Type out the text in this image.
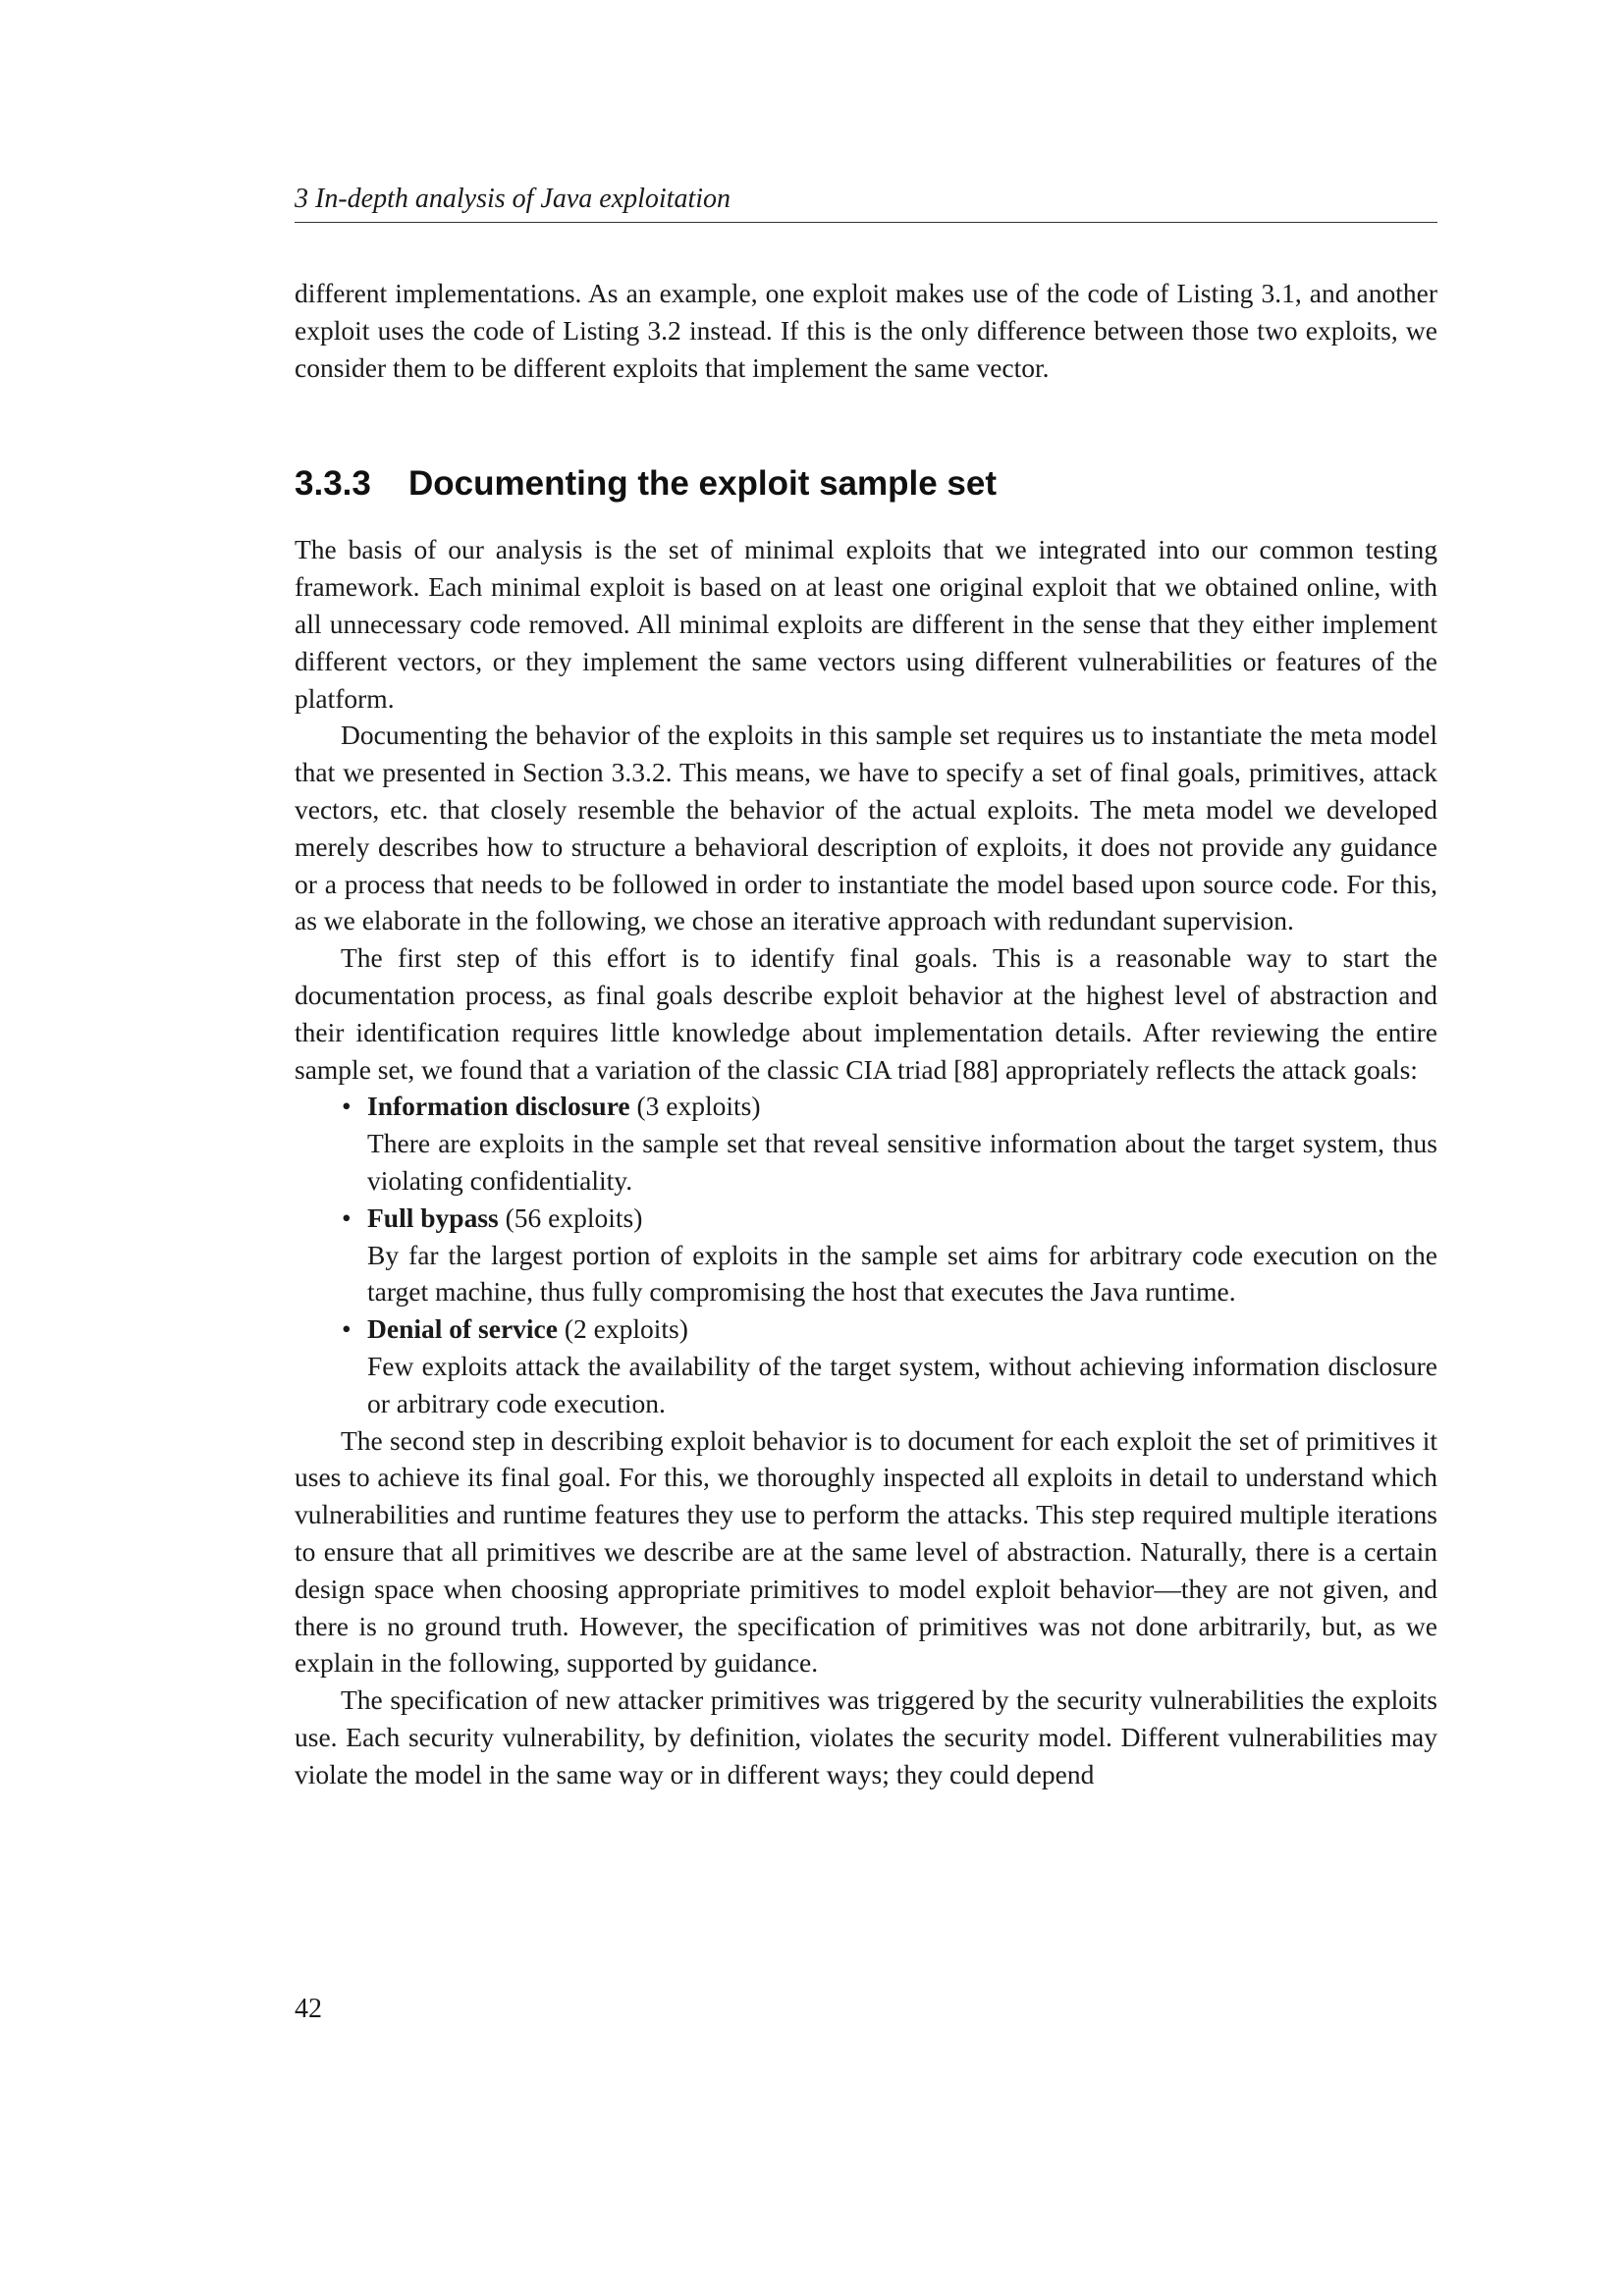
3 In-depth analysis of Java exploitation

different implementations. As an example, one exploit makes use of the code of Listing 3.1, and another exploit uses the code of Listing 3.2 instead. If this is the only difference between those two exploits, we consider them to be different exploits that implement the same vector.

3.3.3 Documenting the exploit sample set

The basis of our analysis is the set of minimal exploits that we integrated into our common testing framework. Each minimal exploit is based on at least one original exploit that we obtained online, with all unnecessary code removed. All minimal exploits are different in the sense that they either implement different vectors, or they implement the same vectors using different vulnerabilities or features of the platform.

Documenting the behavior of the exploits in this sample set requires us to instantiate the meta model that we presented in Section 3.3.2. This means, we have to specify a set of final goals, primitives, attack vectors, etc. that closely resemble the behavior of the actual exploits. The meta model we developed merely describes how to structure a behavioral description of exploits, it does not provide any guidance or a process that needs to be followed in order to instantiate the model based upon source code. For this, as we elaborate in the following, we chose an iterative approach with redundant supervision.

The first step of this effort is to identify final goals. This is a reasonable way to start the documentation process, as final goals describe exploit behavior at the highest level of abstraction and their identification requires little knowledge about implementation details. After reviewing the entire sample set, we found that a variation of the classic CIA triad [88] appropriately reflects the attack goals:

• Information disclosure (3 exploits)
There are exploits in the sample set that reveal sensitive information about the target system, thus violating confidentiality.
• Full bypass (56 exploits)
By far the largest portion of exploits in the sample set aims for arbitrary code execution on the target machine, thus fully compromising the host that executes the Java runtime.
• Denial of service (2 exploits)
Few exploits attack the availability of the target system, without achieving information disclosure or arbitrary code execution.

The second step in describing exploit behavior is to document for each exploit the set of primitives it uses to achieve its final goal. For this, we thoroughly inspected all exploits in detail to understand which vulnerabilities and runtime features they use to perform the attacks. This step required multiple iterations to ensure that all primitives we describe are at the same level of abstraction. Naturally, there is a certain design space when choosing appropriate primitives to model exploit behavior—they are not given, and there is no ground truth. However, the specification of primitives was not done arbitrarily, but, as we explain in the following, supported by guidance.

The specification of new attacker primitives was triggered by the security vulnerabilities the exploits use. Each security vulnerability, by definition, violates the security model. Different vulnerabilities may violate the model in the same way or in different ways; they could depend

42
